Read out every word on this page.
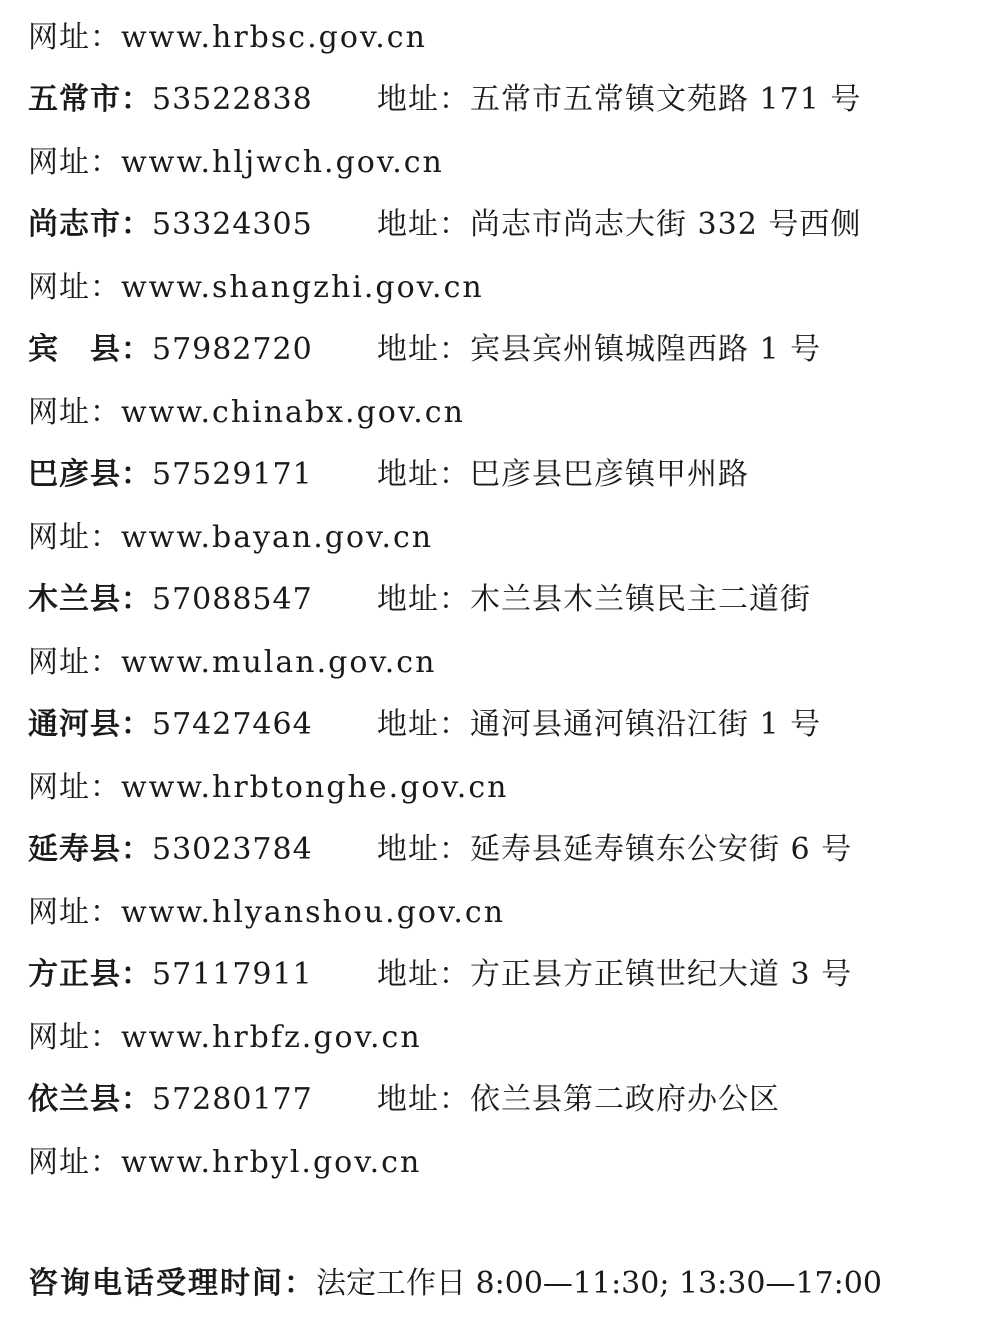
网址：www.hrbsc.gov.cn
五常市：53522838 地址：五常市五常镇文苑路 171 号
网址：www.hljwch.gov.cn
尚志市：53324305 地址：尚志市尚志大街 332 号西侧
网址：www.shangzhi.gov.cn
宾　县：57982720 地址：宾县宾州镇城隍西路 1 号
网址：www.chinabx.gov.cn
巴彦县：57529171 地址：巴彦县巴彦镇甲州路
网址：www.bayan.gov.cn
木兰县：57088547 地址：木兰县木兰镇民主二道街
网址：www.mulan.gov.cn
通河县：57427464 地址：通河县通河镇沿江街 1 号
网址：www.hrbtonghe.gov.cn
延寿县：53023784 地址：延寿县延寿镇东公安街 6 号
网址：www.hlyanshou.gov.cn
方正县：57117911 地址：方正县方正镇世纪大道 3 号
网址：www.hrbfz.gov.cn
依兰县：57280177 地址：依兰县第二政府办公区
网址：www.hrbyl.gov.cn
咨询电话受理时间：法定工作日 8:00—11:30; 13:30—17:00
